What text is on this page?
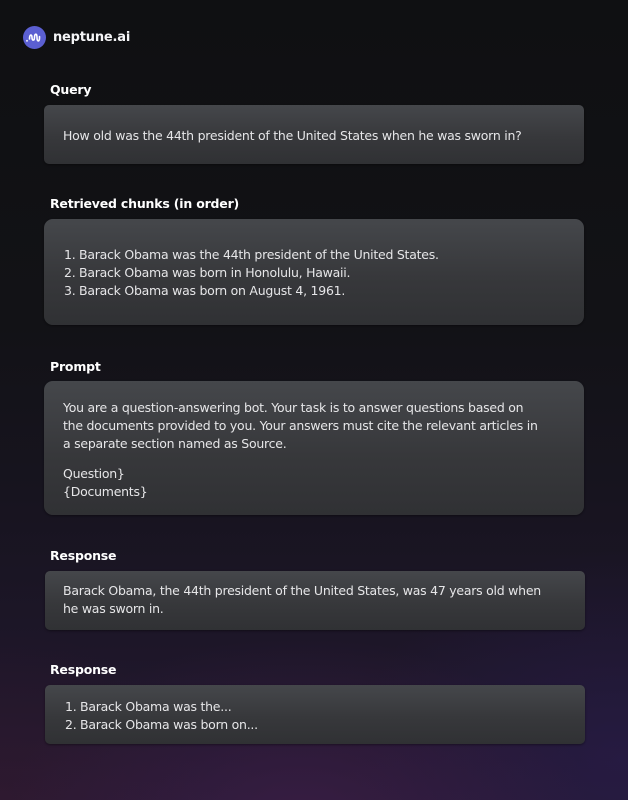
neptune.ai
Query

How old was the 44th president of the United States when he was sworn in?

Retrieved chunks (in order)
1. Barack Obama was the 44th president of the United States.
2. Barack Obama was born in Honolulu, Hawaii.
3. Barack Obama was born on August 4, 1961.
Prompt

You are a question-answering bot. Your task is to answer questions based on

the documents provided to you. Your answers must cite the relevant articles in

a separate section named as Source.

Question}

{Documents}

Response

Barack Obama, the 44th president of the United States, was 47 years old when

he was sworn in.

Response
1. Barack Obama was the...
2. Barack Obama was born on...
